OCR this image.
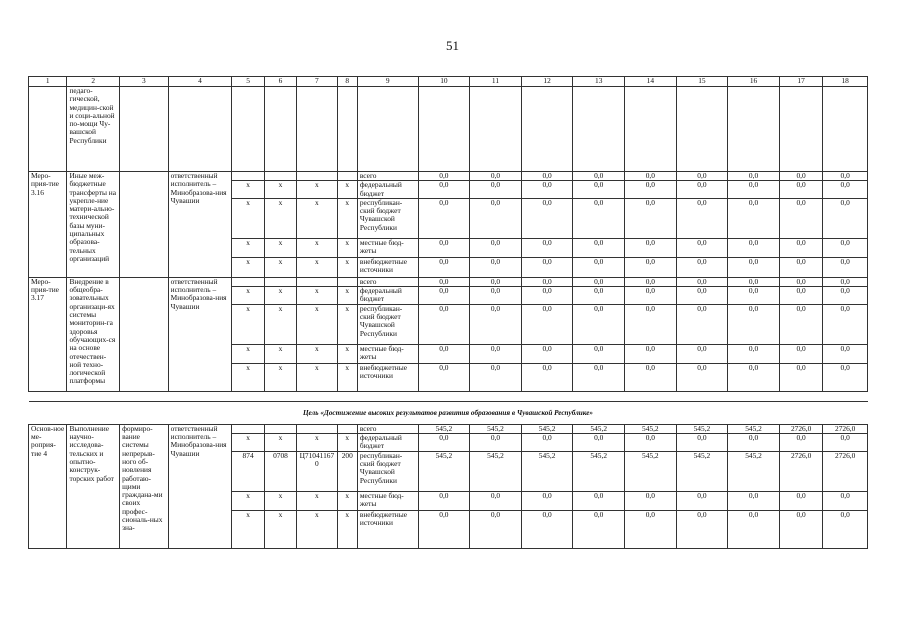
51
1	2	3	4	5	6	7	8	9	10	11	12	13	14	15	16	17	18
	педаго-гической, медицин-ской и соци-альной по-мощи Чу-вашской Республики																
Меро-прия-тие 3.16	Иные меж-бюджетные трансферты на укрепле-ние матери-ально-технической базы муни-ципальных образова-тельных организаций		ответственный исполнитель – Минобразова-ния Чувашии					всего	0,0	0,0	0,0	0,0	0,0	0,0	0,0	0,0	0,0
				x	x	x	x	федеральный бюджет	0,0	0,0	0,0	0,0	0,0	0,0	0,0	0,0	0,0
				x	x	x	x	республикан-ский бюджет Чувашской Республики	0,0	0,0	0,0	0,0	0,0	0,0	0,0	0,0	0,0
				x	x	x	x	местные бюд-жеты	0,0	0,0	0,0	0,0	0,0	0,0	0,0	0,0	0,0
				x	x	x	x	внебюджетные источники	0,0	0,0	0,0	0,0	0,0	0,0	0,0	0,0	0,0
Меро-прия-тие 3.17	Внедрение в общеобра-зовательных организаци-ях системы мониторин-га здоровья обучающих-ся на основе отечествен-ной техно-логической платформы		ответственный исполнитель – Минобразова-ния Чувашии					всего	0,0	0,0	0,0	0,0	0,0	0,0	0,0	0,0	0,0
				x	x	x	x	федеральный бюджет	0,0	0,0	0,0	0,0	0,0	0,0	0,0	0,0	0,0
				x	x	x	x	республикан-ский бюджет Чувашской Республики	0,0	0,0	0,0	0,0	0,0	0,0	0,0	0,0	0,0
				x	x	x	x	местные бюд-жеты	0,0	0,0	0,0	0,0	0,0	0,0	0,0	0,0	0,0
				x	x	x	x	внебюджетные источники	0,0	0,0	0,0	0,0	0,0	0,0	0,0	0,0	0,0

Цель «Достижение высоких результатов развития образования в Чувашской Республике»																	
Основ-ное ме-роприя-тие 4	Выполнение научно-исследова-тельских и опытно-конструк-торских работ	формиро-вание системы непрерыв-ного об-новления работаю-щими граждана-ми своих профес-сиональ-ных зна-	ответственный исполнитель – Минобразова-ния Чувашии					всего	545,2	545,2	545,2	545,2	545,2	545,2	545,2	2726,0	2726,0
				x	x	x	x	федеральный бюджет	0,0	0,0	0,0	0,0	0,0	0,0	0,0	0,0	0,0
				874	0708	Ц710411670	200	республикан-ский бюджет Чувашской Республики	545,2	545,2	545,2	545,2	545,2	545,2	545,2	2726,0	2726,0
				x	x	x	x	местные бюд-жеты	0,0	0,0	0,0	0,0	0,0	0,0	0,0	0,0	0,0
				x	x	x	x	внебюджетные источники	0,0	0,0	0,0	0,0	0,0	0,0	0,0	0,0	0,0
